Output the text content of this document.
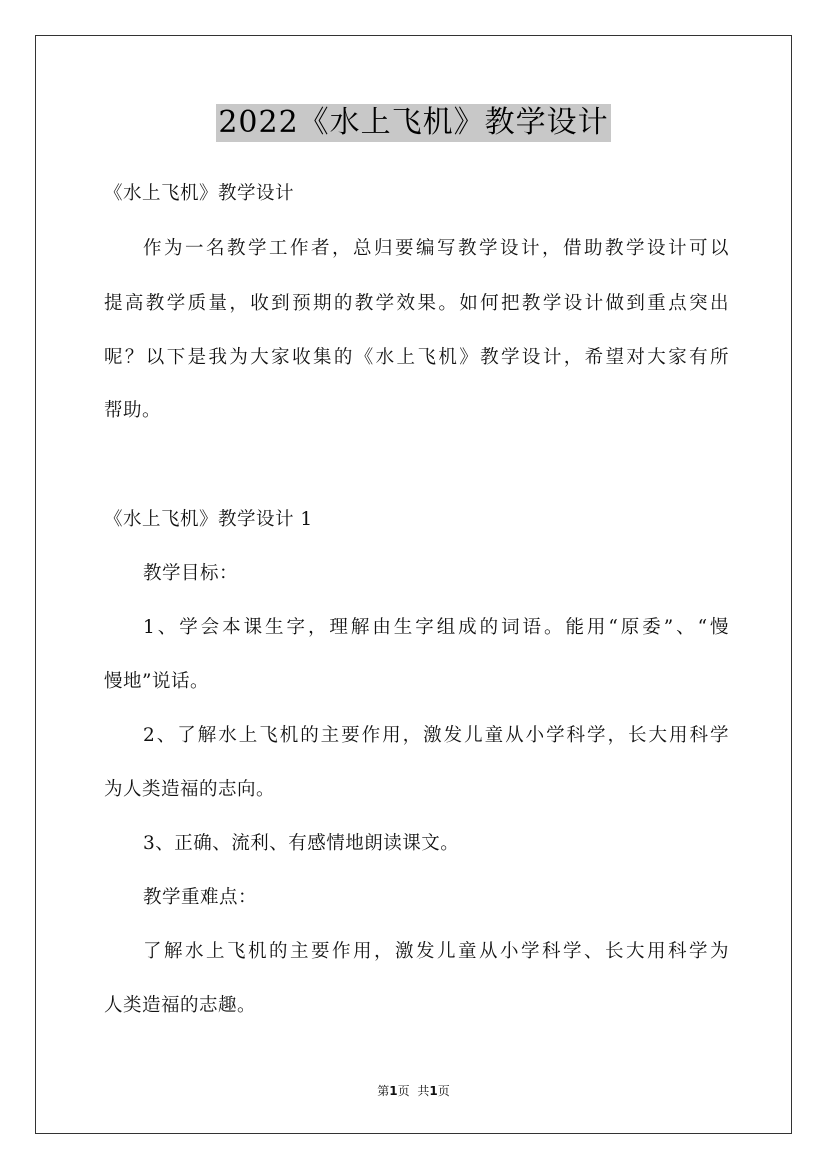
2022《水上飞机》教学设计
《水上飞机》教学设计
作为一名教学工作者，总归要编写教学设计，借助教学设计可以
提高教学质量，收到预期的教学效果。如何把教学设计做到重点突出
呢？以下是我为大家收集的《水上飞机》教学设计，希望对大家有所
帮助。
《水上飞机》教学设计 1
教学目标：
1、学会本课生字，理解由生字组成的词语。能用“原委”、“慢
慢地”说话。
2、了解水上飞机的主要作用，激发儿童从小学科学，长大用科学
为人类造福的志向。
3、正确、流利、有感情地朗读课文。
教学重难点：
了解水上飞机的主要作用，激发儿童从小学科学、长大用科学为
人类造福的志趣。
第1页 共1页
